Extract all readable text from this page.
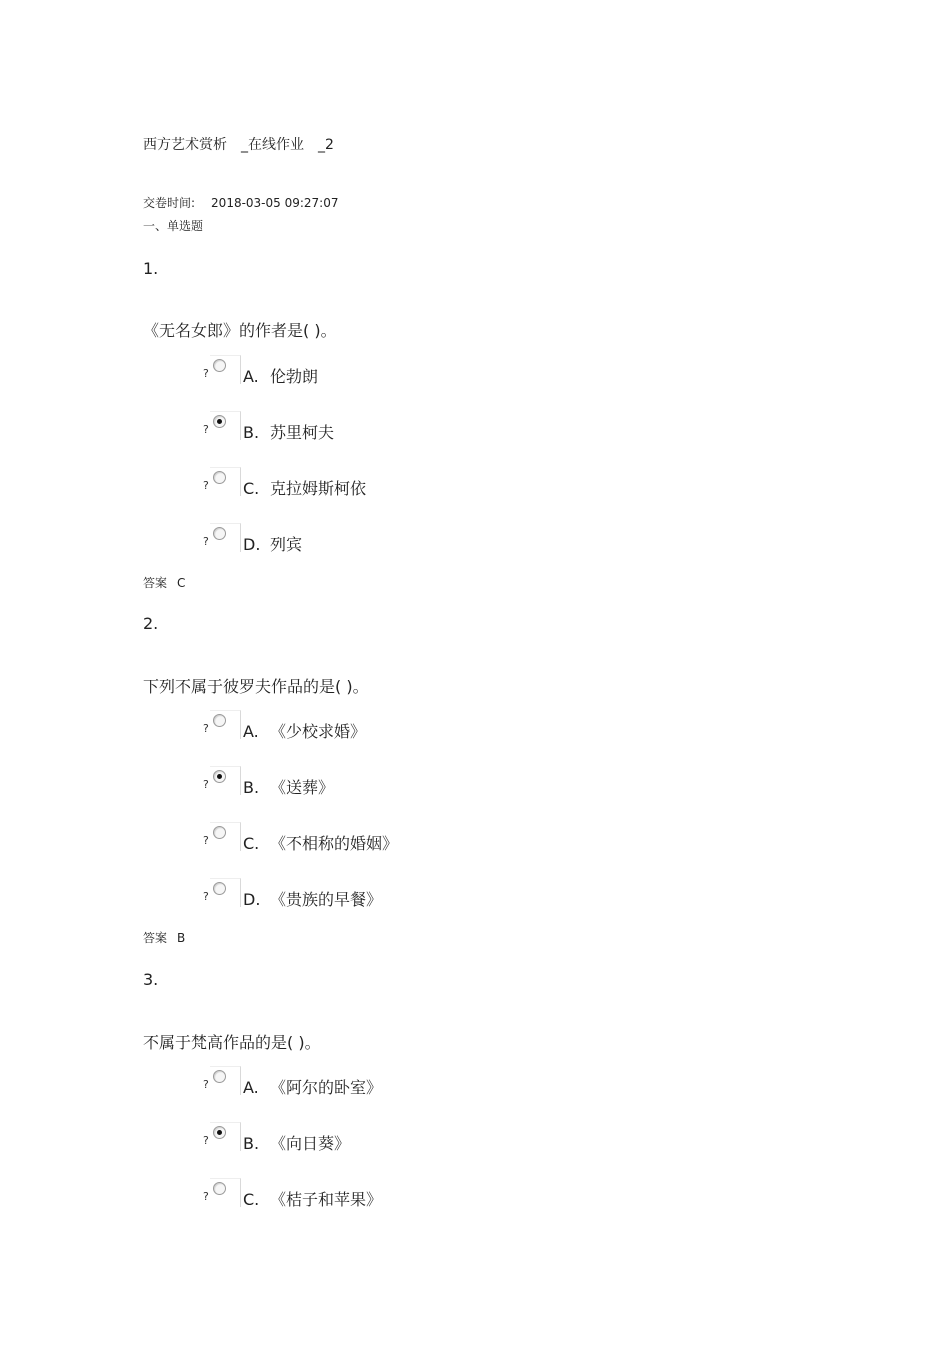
西方艺术赏析 _在线作业 _2
交卷时间: 2018-03-05 09:27:07
一、单选题
1.
《无名女郎》的作者是( )。
? A. 伦勃朗
? B. 苏里柯夫
? C. 克拉姆斯柯依
? D. 列宾
答案 C
2.
下列不属于彼罗夫作品的是( )。
? A. 《少校求婚》
? B. 《送葬》
? C. 《不相称的婚姻》
? D. 《贵族的早餐》
答案 B
3.
不属于梵高作品的是( )。
? A. 《阿尔的卧室》
? B. 《向日葵》
? C. 《桔子和苹果》
